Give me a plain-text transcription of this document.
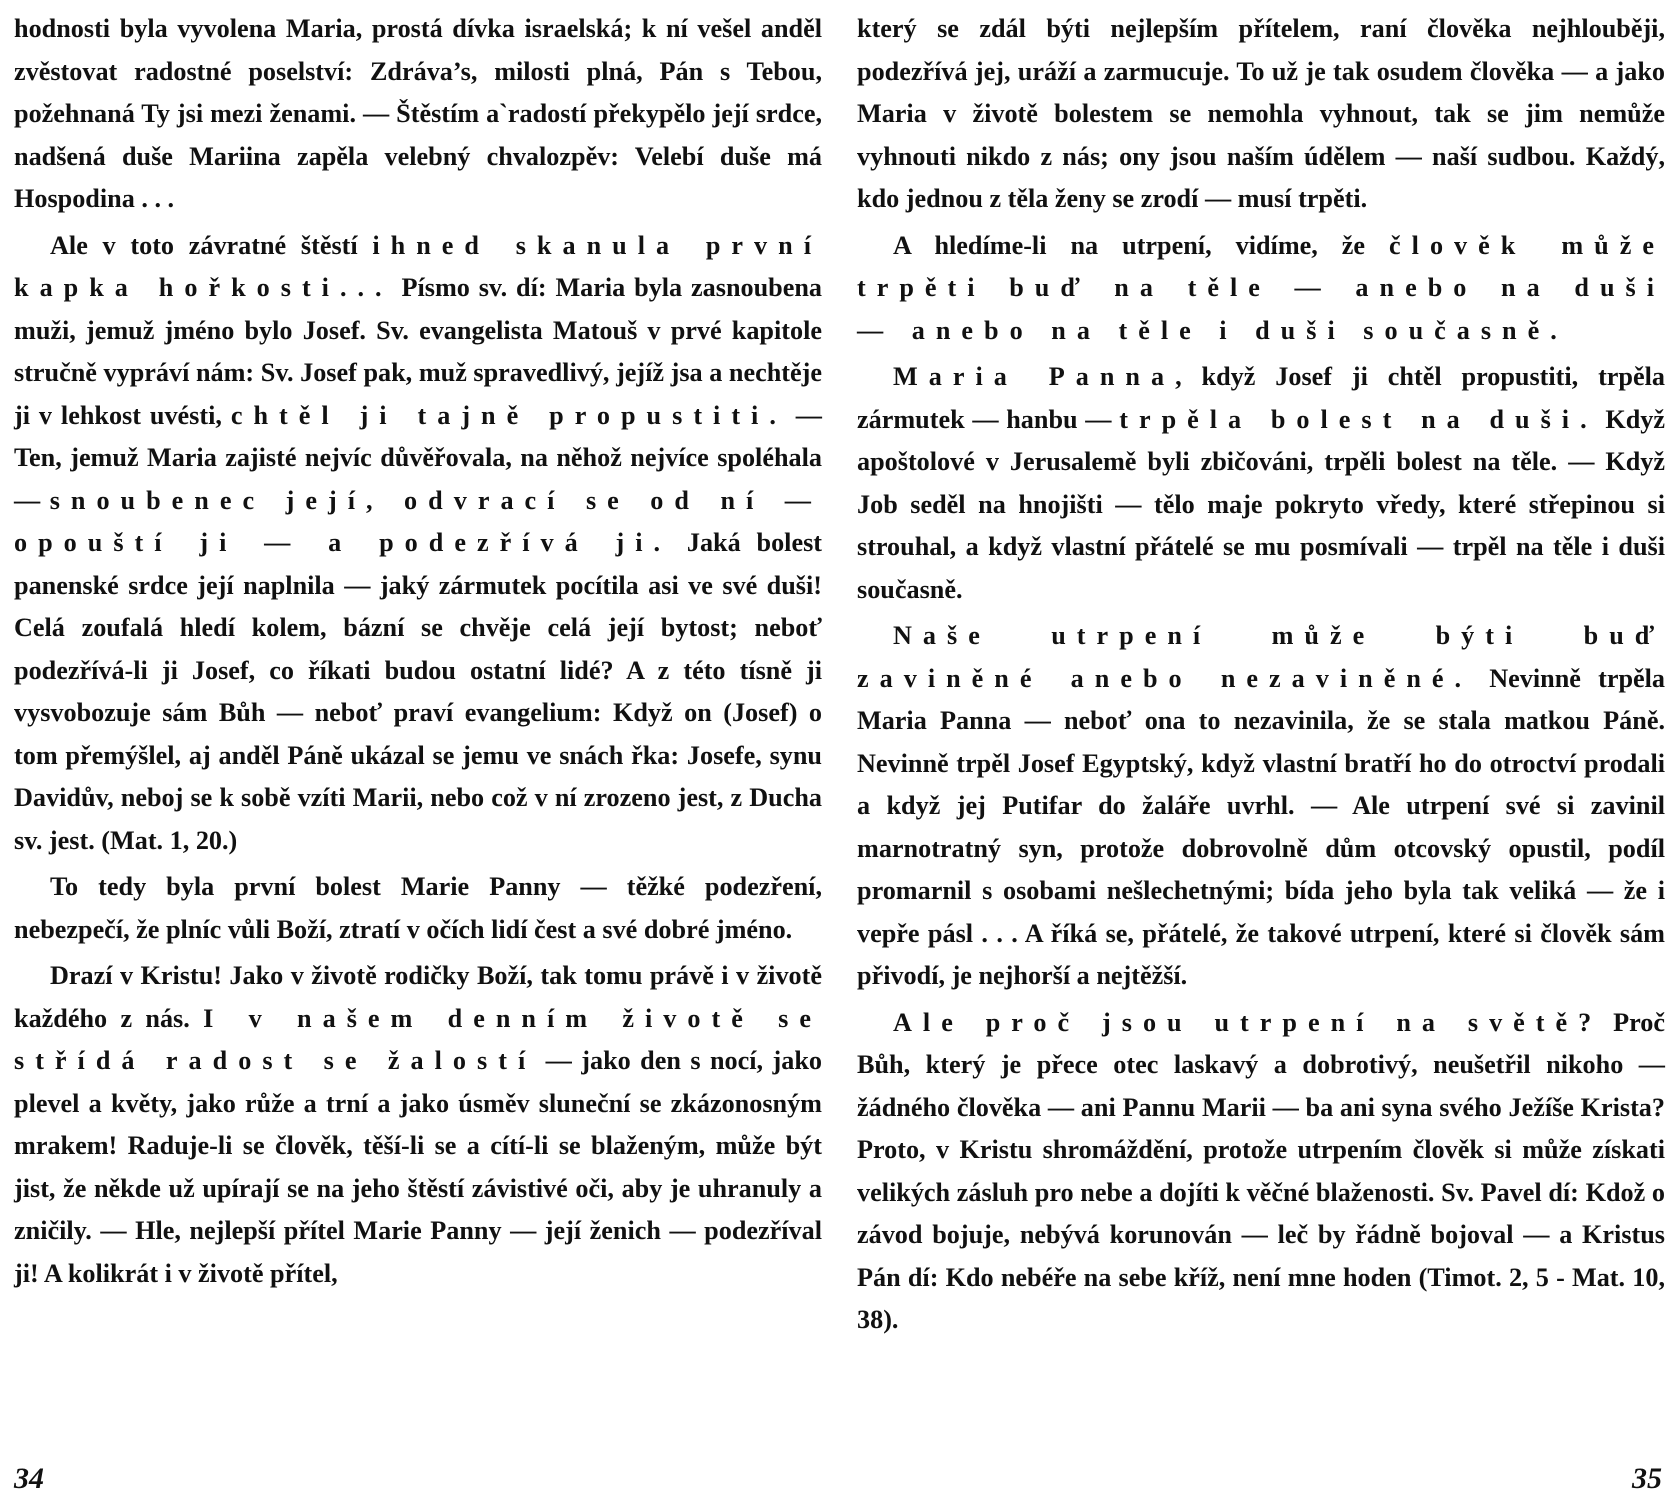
hodnosti byla vyvolena Maria, prostá dívka israelská; k ní vešel anděl zvěstovat radostné poselství: Zdráva’s, milosti plná, Pán s Tebou, požehnaná Ty jsi mezi ženami. — Štěstím a`radostí překypělo její srdce, nadšená duše Mariina zapěla velebný chvalozpěv: Velebí duše má Hospodina . . .

Ale v toto závratné štěstí ihned skanula první kapka hořkosti... Písmo sv. dí: Maria byla zasnoubena muži, jemuž jméno bylo Josef. Sv. evangelista Matouš v prvé kapitole stručně vypráví nám: Sv. Josef pak, muž spravedlivý, jejíž jsa a nechtěje ji v lehkost uvésti, chtěl ji tajně propustiti. — Ten, jemuž Maria zajisté nejvíc důvěřovala, na něhož nejvíce spoléhala — snoubenec její, odvrací se od ní — opouští ji — a podezřívá ji. Jaká bolest panenské srdce její naplnila — jaký zármutek pocítila asi ve své duši! Celá zoufalá hledí kolem, bázní se chvěje celá její bytost; neboť podezřívá-li ji Josef, co říkati budou ostatní lidé? A z této tísně ji vysvobozuje sám Bůh — neboť praví evangelium: Když on (Josef) o tom přemýšlel, aj anděl Páně ukázal se jemu ve snách řka: Josefe, synu Davidův, neboj se k sobě vzíti Marii, nebo což v ní zrozeno jest, z Ducha sv. jest. (Mat. 1, 20.)

To tedy byla první bolest Marie Panny — těžké podezření, nebezpečí, že plníc vůli Boží, ztratí v očích lidí čest a své dobré jméno.

Drazí v Kristu! Jako v životě rodičky Boží, tak tomu právě i v životě každého z nás. I v našem denním životě se střídá radost se žalostí — jako den s nocí, jako plevel a květy, jako růže a trní a jako úsměv sluneční se zkázonosným mrakem! Raduje-li se člověk, těší-li se a cítí-li se blaženým, může být jist, že někde už upírají se na jeho štěstí závistivé oči, aby je uhranuly a zničily. — Hle, nejlepší přítel Marie Panny — její ženich — podezříval ji! A kolikrát i v životě přítel,

který se zdál býti nejlepším přítelem, raní člověka nejhlouběji, podezřívá jej, uráží a zarmucuje. To už je tak osudem člověka — a jako Maria v životě bolestem se nemohla vyhnout, tak se jim nemůže vyhnouti nikdo z nás; ony jsou naším údělem — naší sudbou. Každý, kdo jednou z těla ženy se zrodí — musí trpěti.

A hledíme-li na utrpení, vidíme, že člověk může trpěti buď na těle — anebo na duši — anebo na těle i duši současně.

Maria Panna, když Josef ji chtěl propustiti, trpěla zármutek — hanbu — trpěla bolest na duši. Když apoštolové v Jerusalemě byli zbičováni, trpěli bolest na těle. — Když Job seděl na hnojišti — tělo maje pokryto vředy, které střepinou si strouhal, a když vlastní přátelé se mu posmívali — trpěl na těle i duši současně.

Naše utrpení může býti buď zaviněné anebo nezaviněné. Nevinně trpěla Maria Panna — neboť ona to nezavinila, že se stala matkou Páně. Nevinně trpěl Josef Egyptský, když vlastní bratří ho do otroctví prodali a když jej Putifar do žaláře uvrhl. — Ale utrpení své si zavinil marnotratný syn, protože dobrovolně dům otcovský opustil, podíl promarnil s osobami nešlechetnými; bída jeho byla tak veliká — že i vepře pásl . . . A říká se, přátelé, že takové utrpení, které si člověk sám přivodí, je nejhorší a nejtěžší.

Ale proč jsou utrpení na světě? Proč Bůh, který je přece otec laskavý a dobrotivý, neušetřil nikoho — žádného člověka — ani Pannu Marii — ba ani syna svého Ježíše Krista? Proto, v Kristu shromáždění, protože utrpením člověk si může získati velikých zásluh pro nebe a dojíti k věčné blaženosti. Sv. Pavel dí: Kdož o závod bojuje, nebývá korunován — leč by řádně bojoval — a Kristus Pán dí: Kdo nebéře na sebe kříž, není mne hoden (Timot. 2, 5 - Mat. 10, 38).

34	35
